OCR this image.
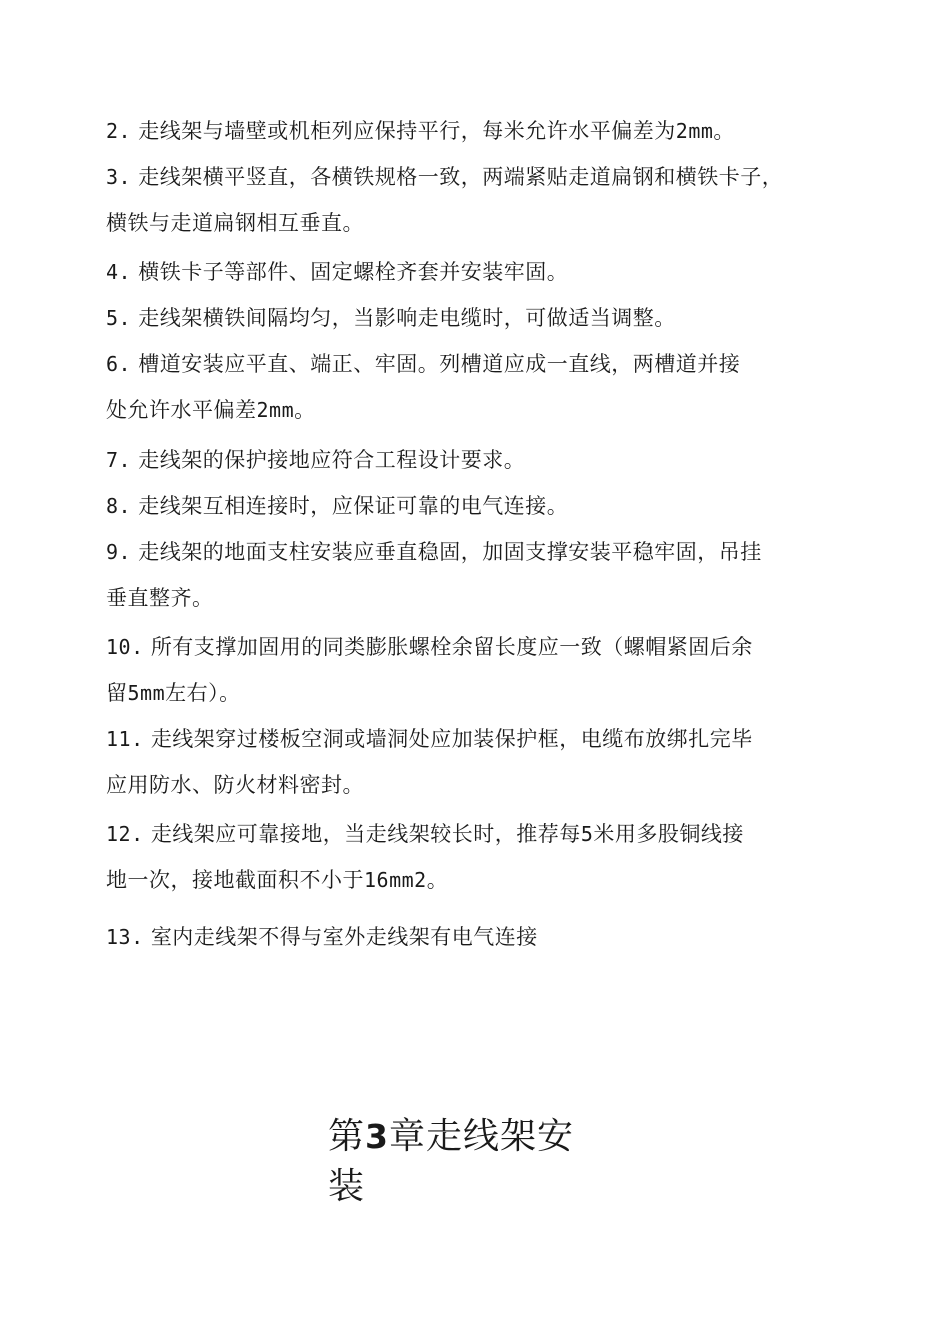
2. 走线架与墙壁或机柜列应保持平行，每米允许水平偏差为2mm。
3. 走线架横平竖直，各横铁规格一致，两端紧贴走道扁钢和横铁卡子，
横铁与走道扁钢相互垂直。
4. 横铁卡子等部件、固定螺栓齐套并安装牢固。
5. 走线架横铁间隔均匀，当影响走电缆时，可做适当调整。
6. 槽道安装应平直、端正、牢固。列槽道应成一直线，两槽道并接
处允许水平偏差2mm。
7. 走线架的保护接地应符合工程设计要求。
8. 走线架互相连接时，应保证可靠的电气连接。
9. 走线架的地面支柱安装应垂直稳固，加固支撑安装平稳牢固，吊挂
垂直整齐。
10. 所有支撑加固用的同类膨胀螺栓余留长度应一致（螺帽紧固后余
留5mm左右）。
11. 走线架穿过楼板空洞或墙洞处应加装保护框，电缆布放绑扎完毕
应用防水、防火材料密封。
12. 走线架应可靠接地，当走线架较长时，推荐每5米用多股铜线接
地一次，接地截面积不小于16mm2。
13. 室内走线架不得与室外走线架有电气连接
第3章走线架安
装
